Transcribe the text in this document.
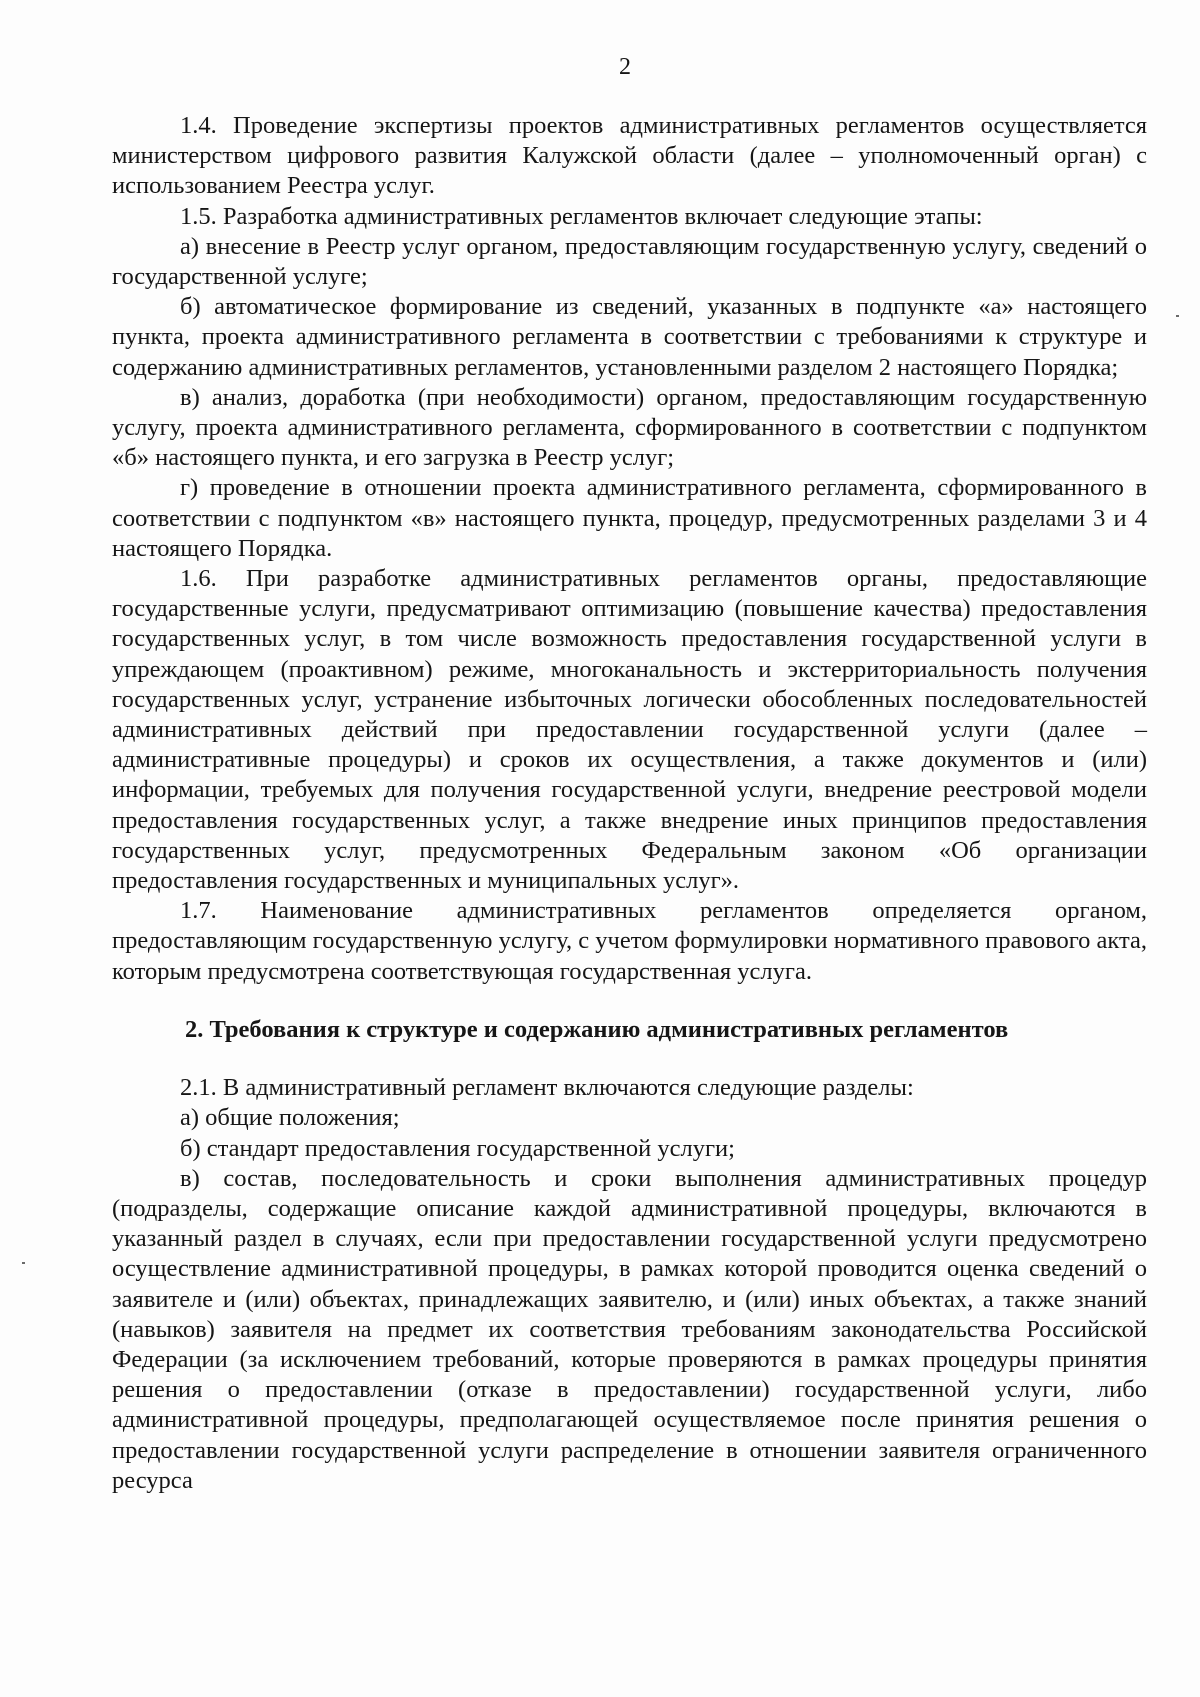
2

1.4. Проведение экспертизы проектов административных регламентов осуществляется министерством цифрового развития Калужской области (далее – уполномоченный орган) с использованием Реестра услуг.

1.5. Разработка административных регламентов включает следующие этапы:

а) внесение в Реестр услуг органом, предоставляющим государственную услугу, сведений о государственной услуге;

б) автоматическое формирование из сведений, указанных в подпункте «а» настоящего пункта, проекта административного регламента в соответствии с требованиями к структуре и содержанию административных регламентов, установленными разделом 2 настоящего Порядка;

в) анализ, доработка (при необходимости) органом, предоставляющим государственную услугу, проекта административного регламента, сформированного в соответствии с подпунктом «б» настоящего пункта, и его загрузка в Реестр услуг;

г) проведение в отношении проекта административного регламента, сформированного в соответствии с подпунктом «в» настоящего пункта, процедур, предусмотренных разделами 3 и 4 настоящего Порядка.

1.6. При разработке административных регламентов органы, предоставляющие государственные услуги, предусматривают оптимизацию (повышение качества) предоставления государственных услуг, в том числе возможность предоставления государственной услуги в упреждающем (проактивном) режиме, многоканальность и экстерриториальность получения государственных услуг, устранение избыточных логически обособленных последовательностей административных действий при предоставлении государственной услуги (далее – административные процедуры) и сроков их осуществления, а также документов и (или) информации, требуемых для получения государственной услуги, внедрение реестровой модели предоставления государственных услуг, а также внедрение иных принципов предоставления государственных услуг, предусмотренных Федеральным законом «Об организации предоставления государственных и муниципальных услуг».

1.7. Наименование административных регламентов определяется органом, предоставляющим государственную услугу, с учетом формулировки нормативного правового акта, которым предусмотрена соответствующая государственная услуга.

2. Требования к структуре и содержанию административных регламентов

2.1. В административный регламент включаются следующие разделы:

а) общие положения;

б) стандарт предоставления государственной услуги;

в) состав, последовательность и сроки выполнения административных процедур (подразделы, содержащие описание каждой административной процедуры, включаются в указанный раздел в случаях, если при предоставлении государственной услуги предусмотрено осуществление административной процедуры, в рамках которой проводится оценка сведений о заявителе и (или) объектах, принадлежащих заявителю, и (или) иных объектах, а также знаний (навыков) заявителя на предмет их соответствия требованиям законодательства Российской Федерации (за исключением требований, которые проверяются в рамках процедуры принятия решения о предоставлении (отказе в предоставлении) государственной услуги, либо административной процедуры, предполагающей осуществляемое после принятия решения о предоставлении государственной услуги распределение в отношении заявителя ограниченного ресурса
